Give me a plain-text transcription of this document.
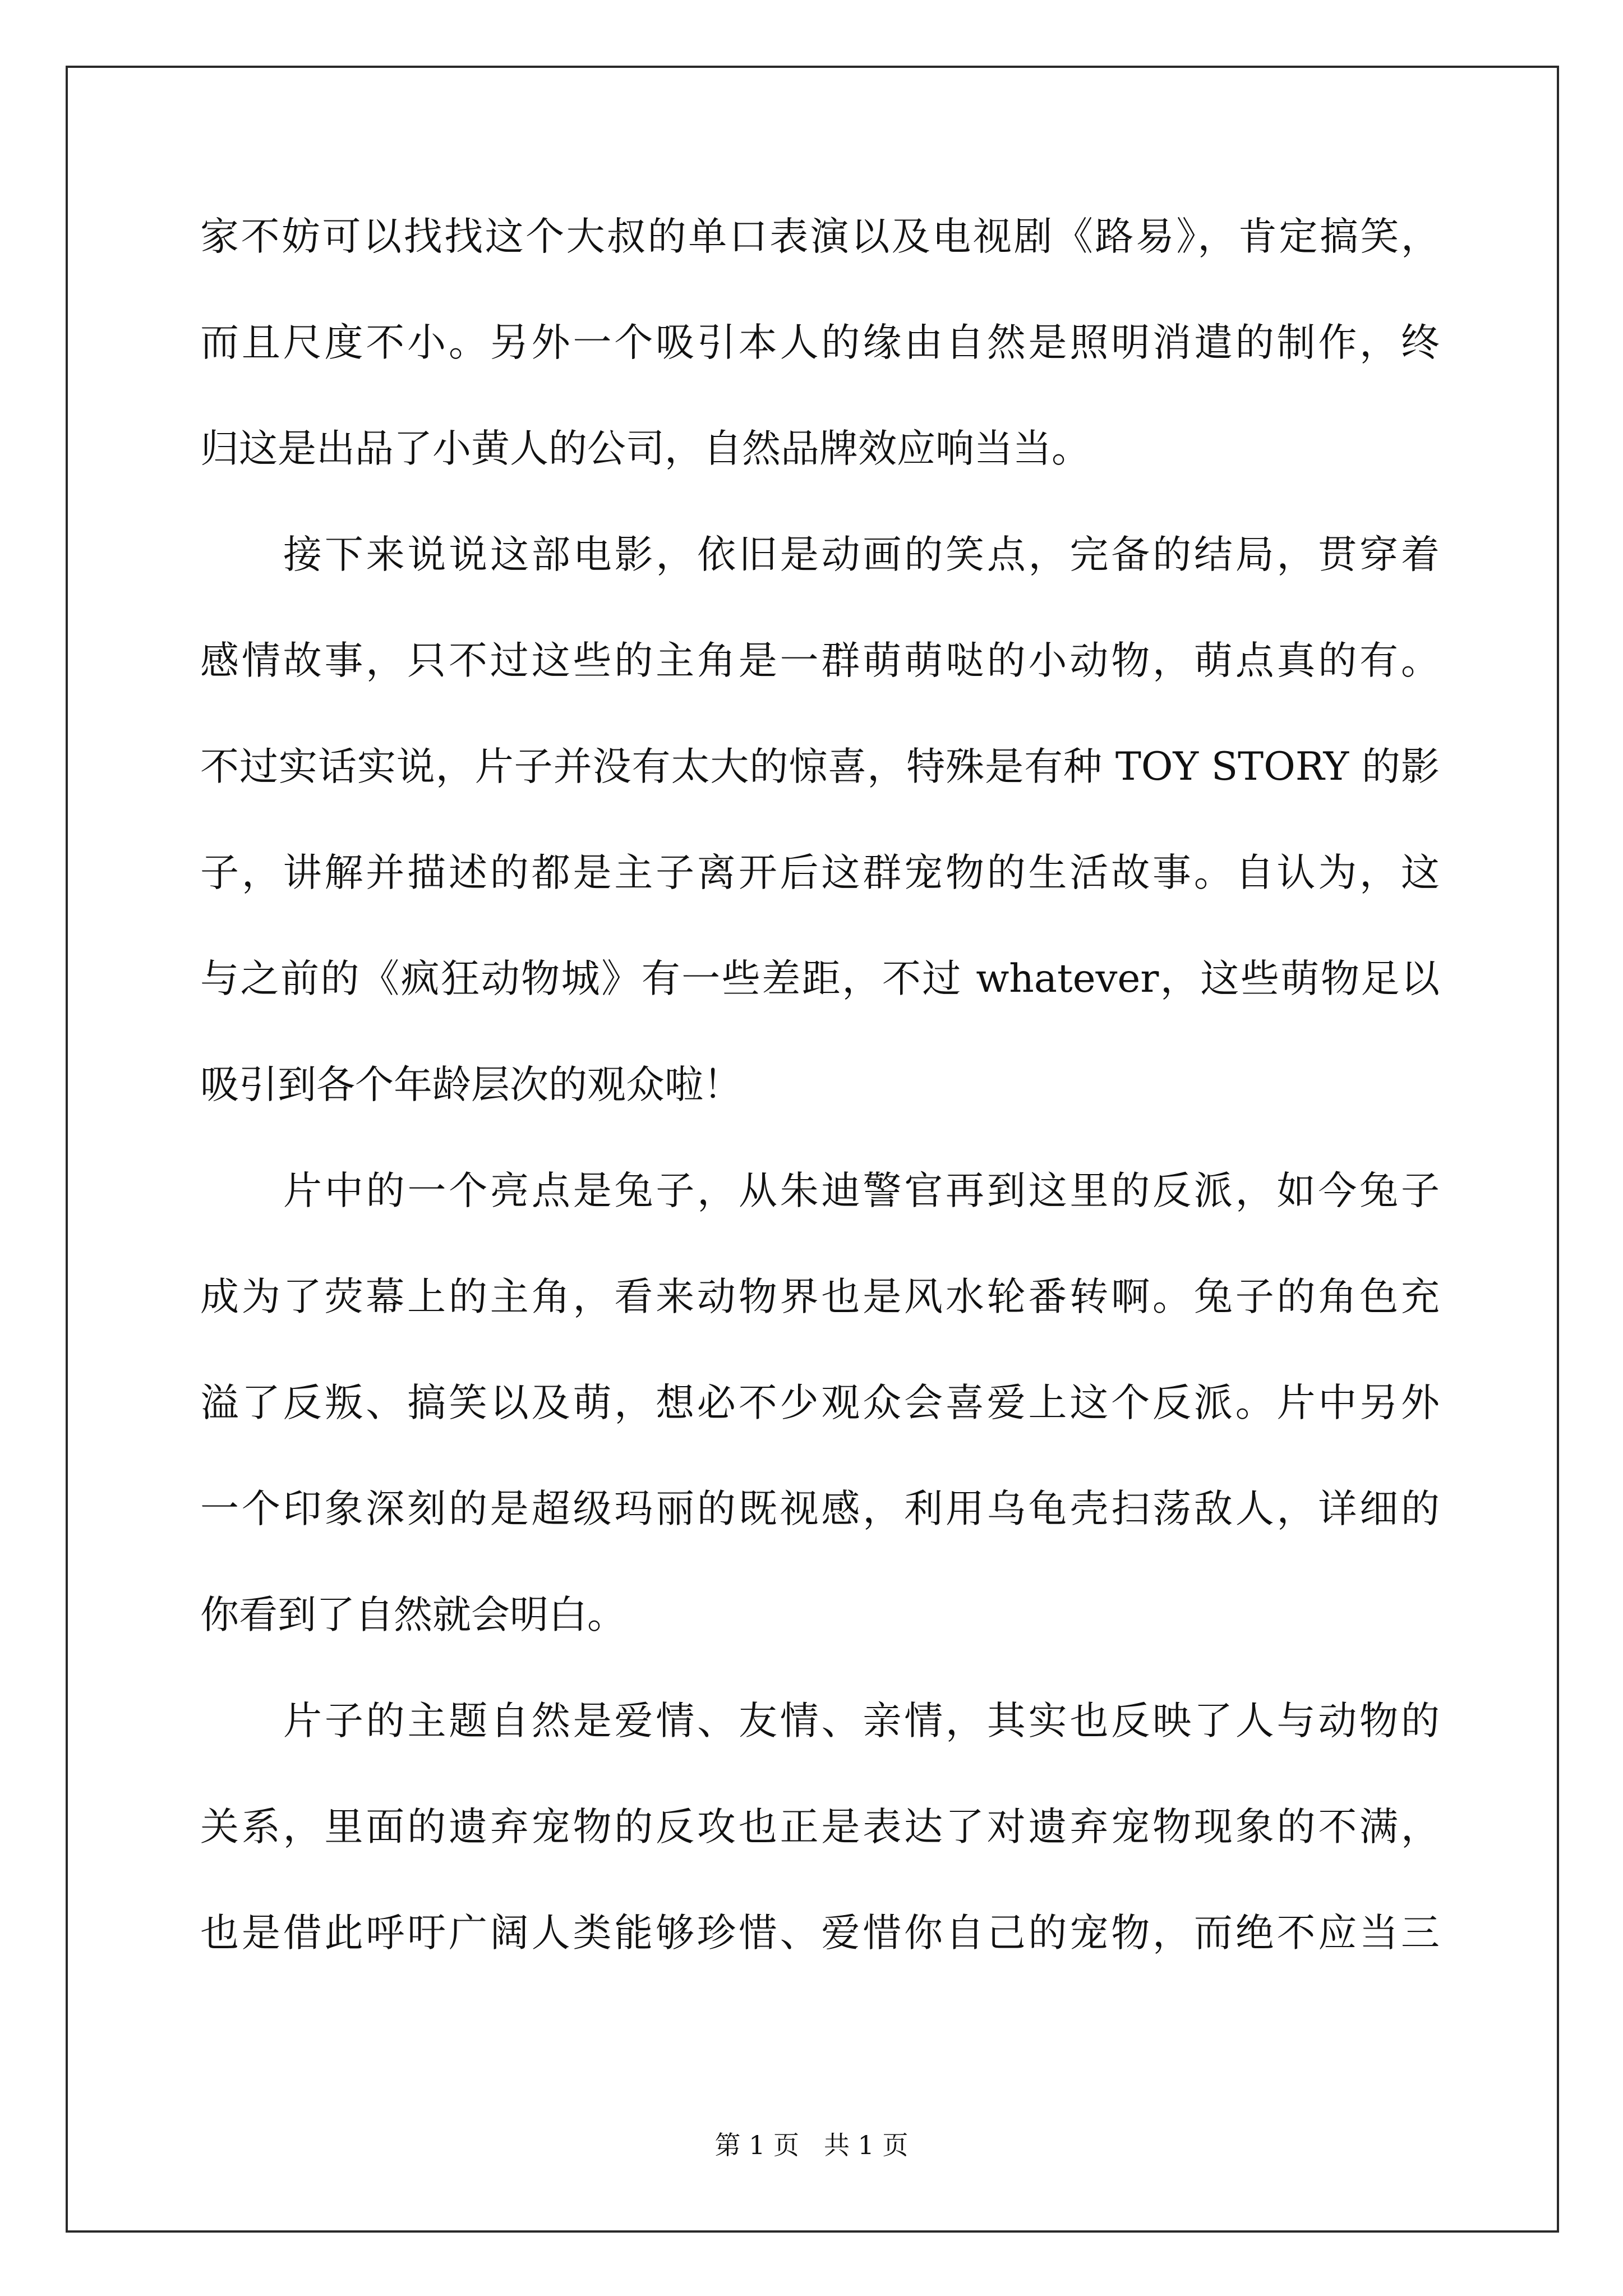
家不妨可以找找这个大叔的单口表演以及电视剧《路易》，肯定搞笑，
而且尺度不小。另外一个吸引本人的缘由自然是照明消遣的制作，终
归这是出品了小黄人的公司，自然品牌效应响当当。
接下来说说这部电影，依旧是动画的笑点，完备的结局，贯穿着
感情故事，只不过这些的主角是一群萌萌哒的小动物，萌点真的有。
不过实话实说，片子并没有太大的惊喜，特殊是有种 TOY STORY 的影
子，讲解并描述的都是主子离开后这群宠物的生活故事。自认为，这
与之前的《疯狂动物城》有一些差距，不过 whatever，这些萌物足以
吸引到各个年龄层次的观众啦！
片中的一个亮点是兔子，从朱迪警官再到这里的反派，如今兔子
成为了荧幕上的主角，看来动物界也是风水轮番转啊。兔子的角色充
溢了反叛、搞笑以及萌，想必不少观众会喜爱上这个反派。片中另外
一个印象深刻的是超级玛丽的既视感，利用乌龟壳扫荡敌人，详细的
你看到了自然就会明白。
片子的主题自然是爱情、友情、亲情，其实也反映了人与动物的
关系，里面的遗弃宠物的反攻也正是表达了对遗弃宠物现象的不满，
也是借此呼吁广阔人类能够珍惜、爱惜你自己的宠物，而绝不应当三
第 1 页 共 1 页
